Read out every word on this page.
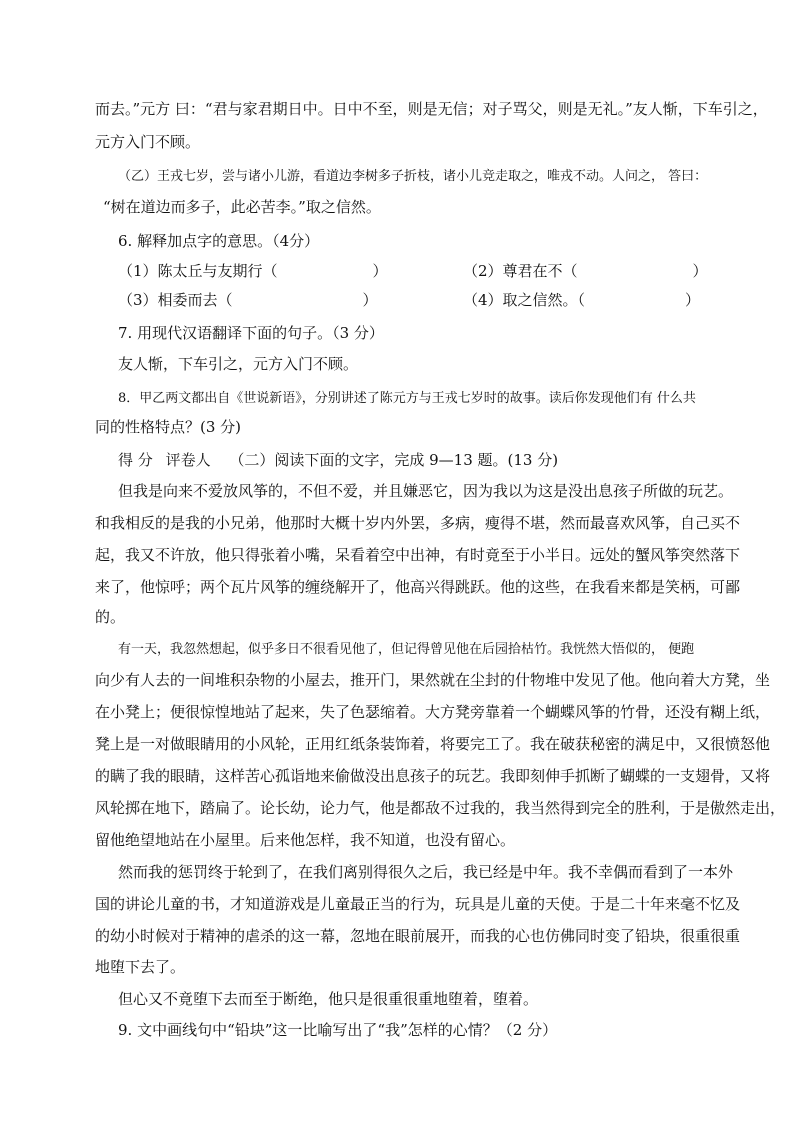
而去。”元方 曰：“君与家君期日中。日中不至，则是无信；对子骂父，则是无礼。”友人惭，下车引之，
元方入门不顾。
（乙）王戎七岁，尝与诸小儿游，看道边李树多子折枝，诸小儿竞走取之，唯戎不动。人问之， 答曰：
“树在道边而多子，此必苦李。”取之信然。
6. 解释加点字的意思。（4分）
（1）陈太丘与友期行（	）	（2）尊君在不（	）
（3）相委而去（	）	（4）取之信然。（	）
7. 用现代汉语翻译下面的句子。（3 分）
友人惭，下车引之，元方入门不顾。
8．甲乙两文都出自《世说新语》，分别讲述了陈元方与王戎七岁时的故事。读后你发现他们有 什么共
同的性格特点？(3 分)
得 分 评卷人 （二）阅读下面的文字，完成 9—13 题。(13 分)
但我是向来不爱放风筝的，不但不爱，并且嫌恶它，因为我以为这是没出息孩子所做的玩艺。
和我相反的是我的小兄弟，他那时大概十岁内外罢，多病，瘦得不堪，然而最喜欢风筝，自己买不
起，我又不许放，他只得张着小嘴，呆看着空中出神，有时竟至于小半日。远处的蟹风筝突然落下
来了，他惊呼；两个瓦片风筝的缠绕解开了，他高兴得跳跃。他的这些，在我看来都是笑柄，可鄙
的。
有一天，我忽然想起，似乎多日不很看见他了，但记得曾见他在后园拾枯竹。我恍然大悟似的， 便跑
向少有人去的一间堆积杂物的小屋去，推开门，果然就在尘封的什物堆中发见了他。他向着大方凳，坐
在小凳上；便很惊惶地站了起来，失了色瑟缩着。大方凳旁靠着一个蝴蝶风筝的竹骨，还没有糊上纸，
凳上是一对做眼睛用的小风轮，正用红纸条装饰着，将要完工了。我在破获秘密的满足中，又很愤怒他
的瞒了我的眼睛，这样苦心孤诣地来偷做没出息孩子的玩艺。我即刻伸手抓断了蝴蝶的一支翅骨，又将
风轮掷在地下，踏扁了。论长幼，论力气，他是都敌不过我的，我当然得到完全的胜利，于是傲然走出，
留他绝望地站在小屋里。后来他怎样，我不知道，也没有留心。
然而我的惩罚终于轮到了，在我们离别得很久之后，我已经是中年。我不幸偶而看到了一本外
国的讲论儿童的书，才知道游戏是儿童最正当的行为，玩具是儿童的天使。于是二十年来毫不忆及
的幼小时候对于精神的虐杀的这一幕，忽地在眼前展开，而我的心也仿佛同时变了铅块，很重很重
地堕下去了。
但心又不竟堕下去而至于断绝，他只是很重很重地堕着，堕着。
9. 文中画线句中“铅块”这一比喻写出了“我”怎样的心情？（2 分）
